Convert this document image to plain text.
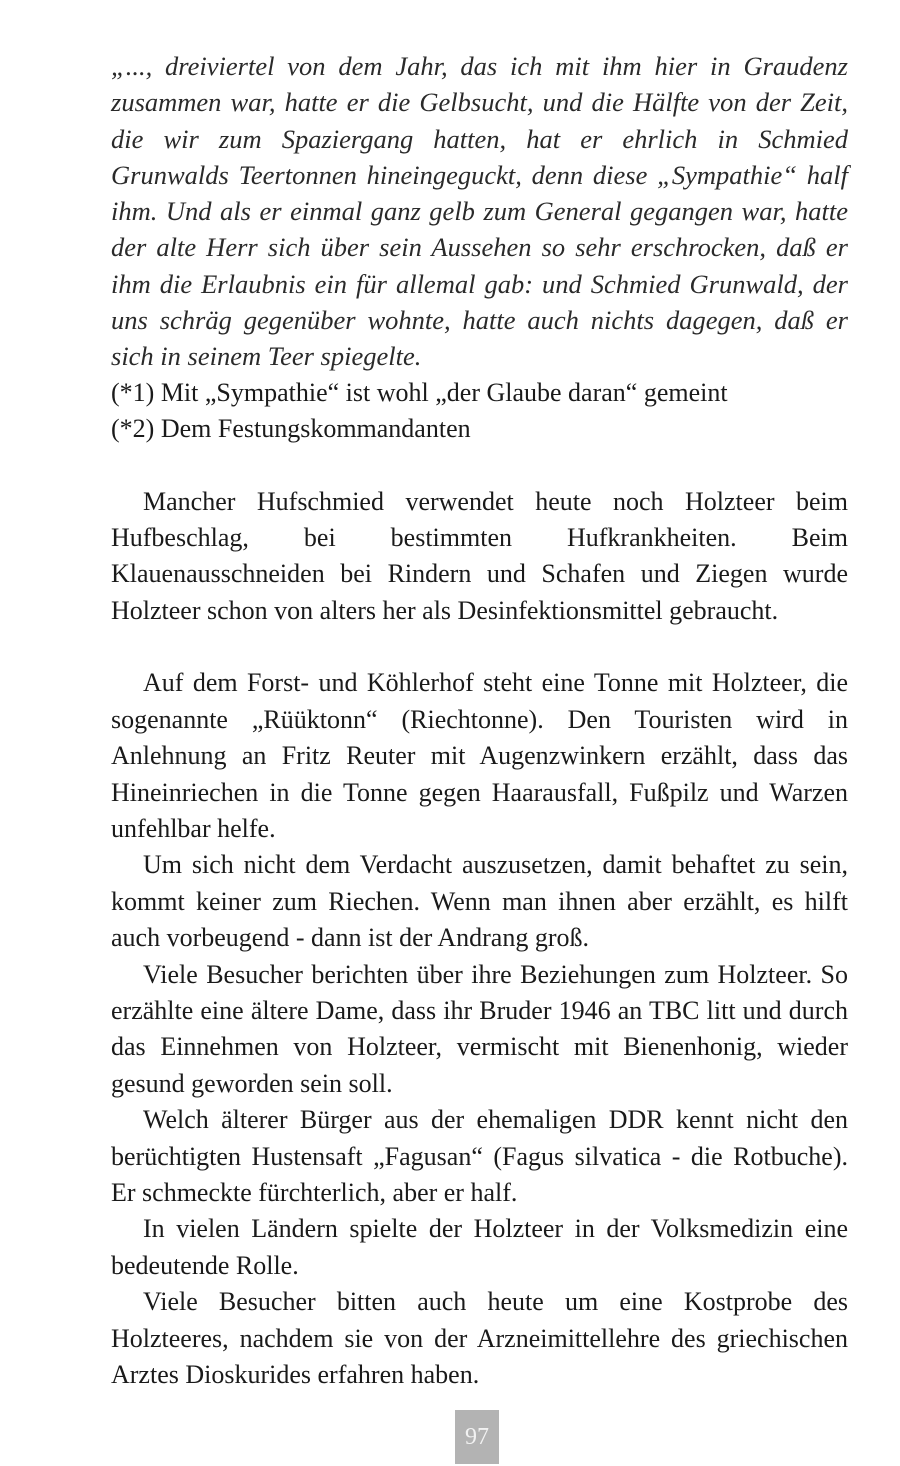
„..., dreiviertel von dem Jahr, das ich mit ihm hier in Graudenz zusammen war, hatte er die Gelbsucht, und die Hälfte von der Zeit, die wir zum Spaziergang hatten, hat er ehrlich in Schmied Grunwalds Teertonnen hineingeguckt, denn diese „Sympathie“ half ihm. Und als er einmal ganz gelb zum General gegangen war, hatte der alte Herr sich über sein Aussehen so sehr erschrocken, daß er ihm die Erlaubnis ein für allemal gab: und Schmied Grunwald, der uns schräg gegenüber wohnte, hatte auch nichts dagegen, daß er sich in seinem Teer spiegelte.

(*1) Mit „Sympathie“ ist wohl „der Glaube daran“ gemeint
(*2) Dem Festungskommandanten

Mancher Hufschmied verwendet heute noch Holzteer beim Hufbeschlag, bei bestimmten Hufkrankheiten. Beim Klauenausschneiden bei Rindern und Schafen und Ziegen wurde Holzteer schon von alters her als Desinfektionsmittel gebraucht.

Auf dem Forst- und Köhlerhof steht eine Tonne mit Holzteer, die sogenannte „Rüüktonn“ (Riechtonne). Den Touristen wird in Anlehnung an Fritz Reuter mit Augenzwinkern erzählt, dass das Hineinriechen in die Tonne gegen Haarausfall, Fußpilz und Warzen unfehlbar helfe.

Um sich nicht dem Verdacht auszusetzen, damit behaftet zu sein, kommt keiner zum Riechen. Wenn man ihnen aber erzählt, es hilft auch vorbeugend - dann ist der Andrang groß.

Viele Besucher berichten über ihre Beziehungen zum Holzteer. So erzählte eine ältere Dame, dass ihr Bruder 1946 an TBC litt und durch das Einnehmen von Holzteer, vermischt mit Bienenhonig, wieder gesund geworden sein soll.

Welch älterer Bürger aus der ehemaligen DDR kennt nicht den berüchtigten Hustensaft „Fagusan“ (Fagus silvatica - die Rotbuche). Er schmeckte fürchterlich, aber er half.

In vielen Ländern spielte der Holzteer in der Volksmedizin eine bedeutende Rolle.

Viele Besucher bitten auch heute um eine Kostprobe des Holzteeres, nachdem sie von der Arzneimittellehre des griechischen Arztes Dioskurides erfahren haben.

97
